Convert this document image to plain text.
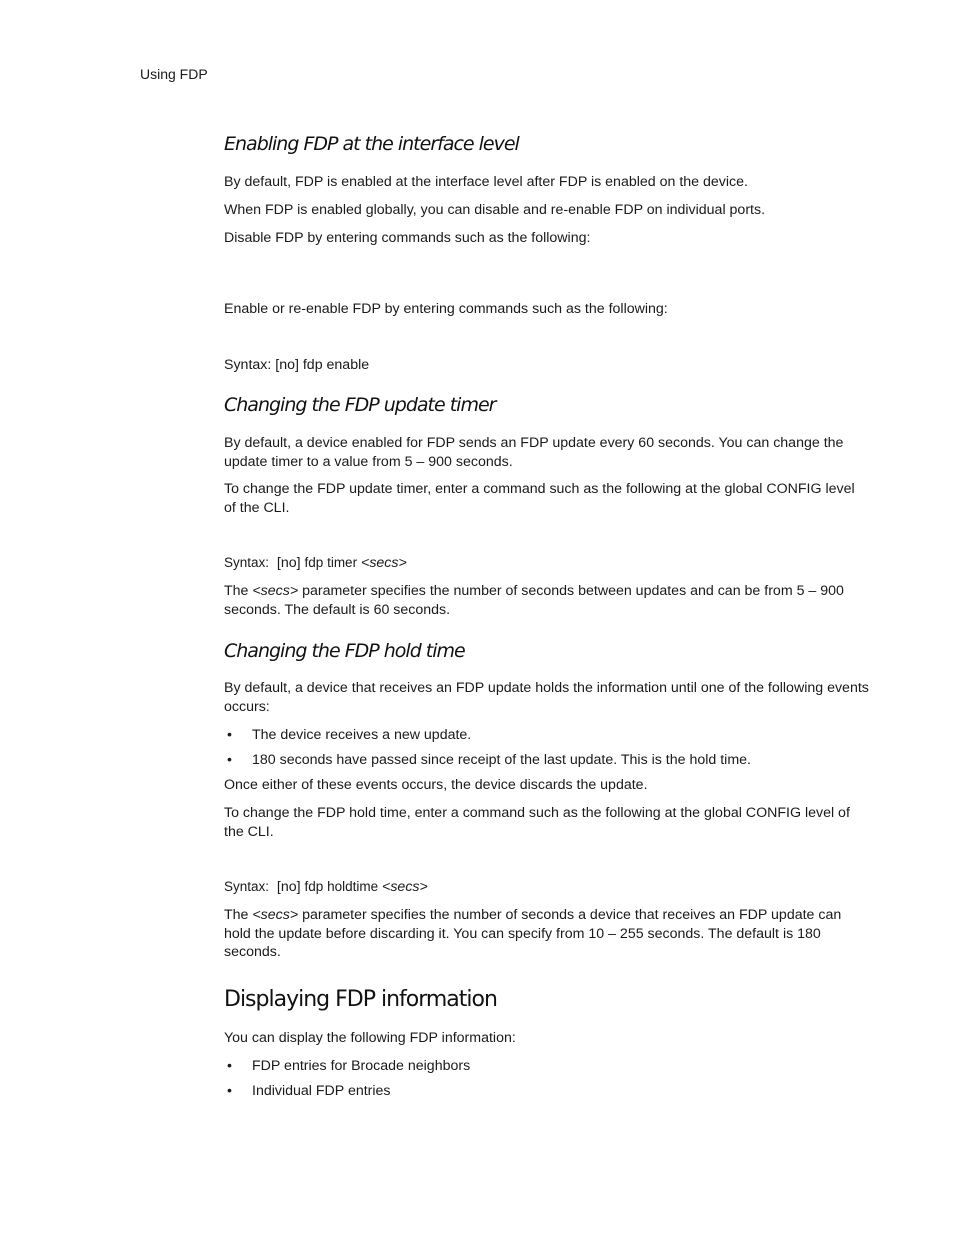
Using FDP
Enabling FDP at the interface level
By default, FDP is enabled at the interface level after FDP is enabled on the device.
When FDP is enabled globally, you can disable and re-enable FDP on individual ports.
Disable FDP by entering commands such as the following:
Enable or re-enable FDP by entering commands such as the following:
Syntax: [no] fdp enable
Changing the FDP update timer
By default, a device enabled for FDP sends an FDP update every 60 seconds. You can change the update timer to a value from 5 – 900 seconds.
To change the FDP update timer, enter a command such as the following at the global CONFIG level of the CLI.
Syntax: [no] fdp timer <secs>
The <secs> parameter specifies the number of seconds between updates and can be from 5 – 900 seconds. The default is 60 seconds.
Changing the FDP hold time
By default, a device that receives an FDP update holds the information until one of the following events occurs:
• The device receives a new update.
• 180 seconds have passed since receipt of the last update. This is the hold time.
Once either of these events occurs, the device discards the update.
To change the FDP hold time, enter a command such as the following at the global CONFIG level of the CLI.
Syntax: [no] fdp holdtime <secs>
The <secs> parameter specifies the number of seconds a device that receives an FDP update can hold the update before discarding it. You can specify from 10 – 255 seconds. The default is 180 seconds.
Displaying FDP information
You can display the following FDP information:
• FDP entries for Brocade neighbors
• Individual FDP entries
